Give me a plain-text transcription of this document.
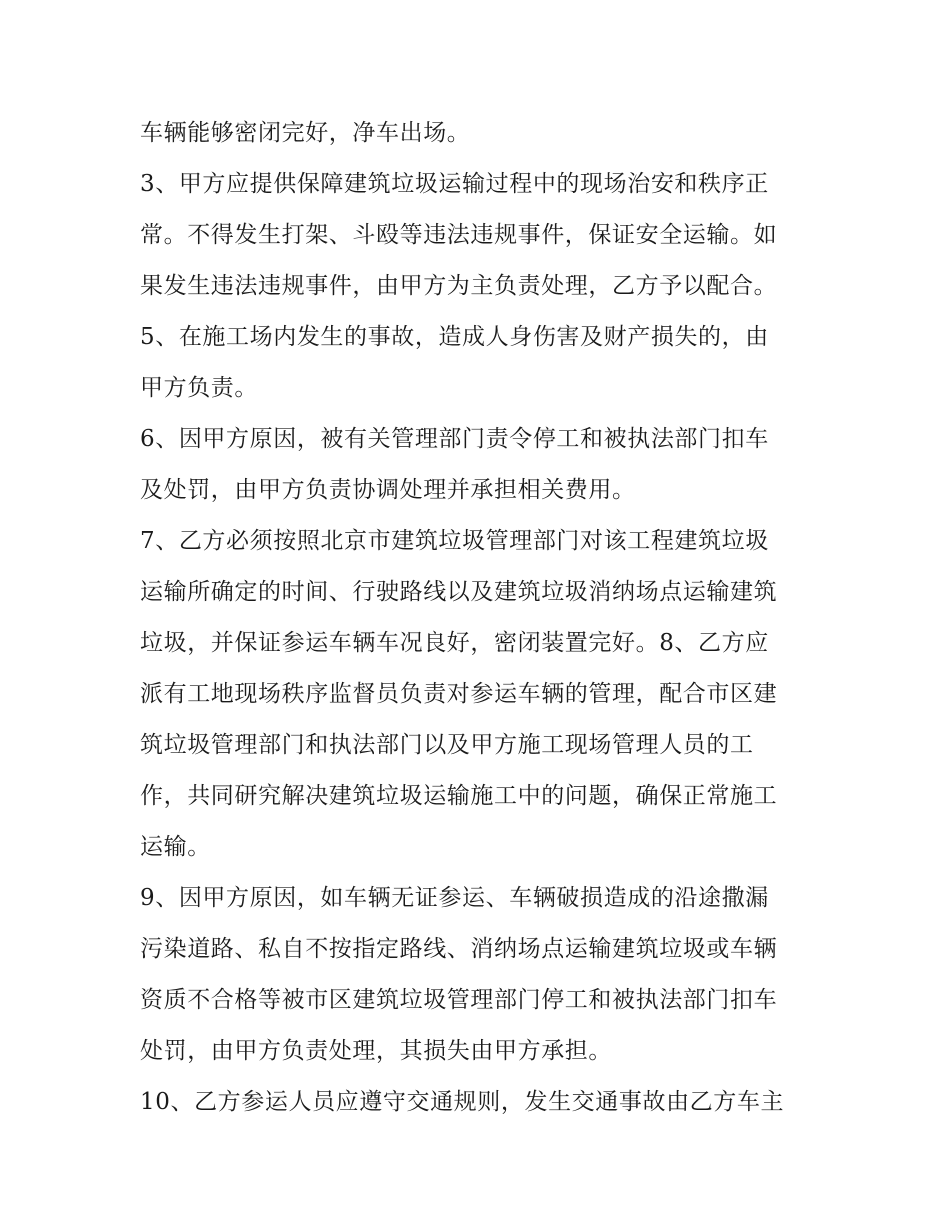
车辆能够密闭完好，净车出场。
3、甲方应提供保障建筑垃圾运输过程中的现场治安和秩序正
常。不得发生打架、斗殴等违法违规事件，保证安全运输。如
果发生违法违规事件，由甲方为主负责处理，乙方予以配合。
5、在施工场内发生的事故，造成人身伤害及财产损失的，由
甲方负责。
6、因甲方原因，被有关管理部门责令停工和被执法部门扣车
及处罚，由甲方负责协调处理并承担相关费用。
7、乙方必须按照北京市建筑垃圾管理部门对该工程建筑垃圾
运输所确定的时间、行驶路线以及建筑垃圾消纳场点运输建筑
垃圾，并保证参运车辆车况良好，密闭装置完好。8、乙方应
派有工地现场秩序监督员负责对参运车辆的管理，配合市区建
筑垃圾管理部门和执法部门以及甲方施工现场管理人员的工
作，共同研究解决建筑垃圾运输施工中的问题，确保正常施工
运输。
9、因甲方原因，如车辆无证参运、车辆破损造成的沿途撒漏
污染道路、私自不按指定路线、消纳场点运输建筑垃圾或车辆
资质不合格等被市区建筑垃圾管理部门停工和被执法部门扣车
处罚，由甲方负责处理，其损失由甲方承担。
10、乙方参运人员应遵守交通规则，发生交通事故由乙方车主
